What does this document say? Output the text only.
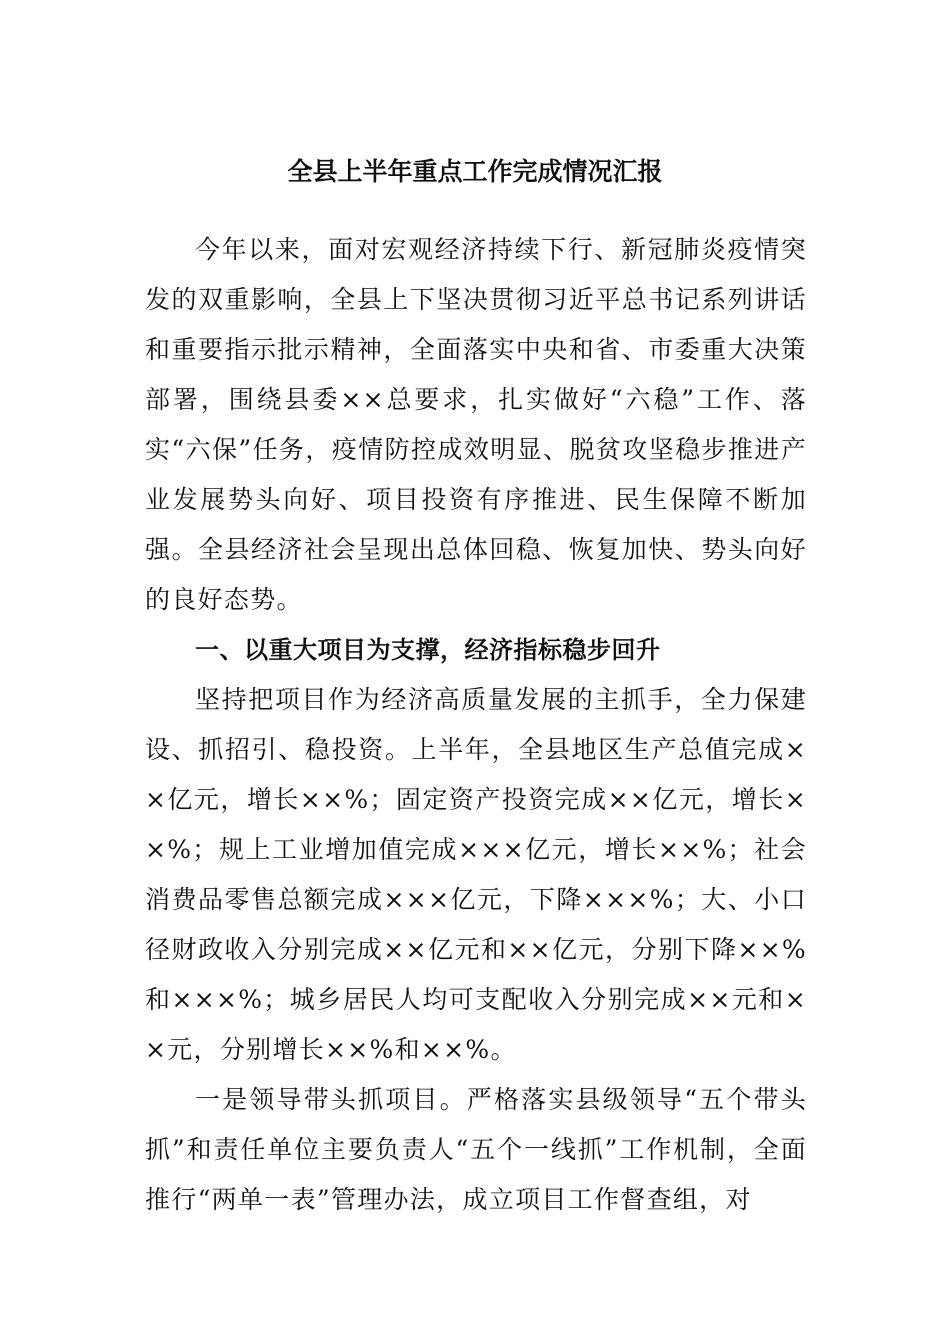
全县上半年重点工作完成情况汇报

今年以来，面对宏观经济持续下行、新冠肺炎疫情突发的双重影响，全县上下坚决贯彻习近平总书记系列讲话和重要指示批示精神，全面落实中央和省、市委重大决策部署，围绕县委××总要求，扎实做好“六稳”工作、落实“六保”任务，疫情防控成效明显、脱贫攻坚稳步推进产业发展势头向好、项目投资有序推进、民生保障不断加强。全县经济社会呈现出总体回稳、恢复加快、势头向好的良好态势。

一、以重大项目为支撑，经济指标稳步回升

坚持把项目作为经济高质量发展的主抓手，全力保建设、抓招引、稳投资。上半年，全县地区生产总值完成××亿元，增长××%；固定资产投资完成××亿元，增长××%；规上工业增加值完成×××亿元，增长××%；社会消费品零售总额完成×××亿元，下降×××%；大、小口径财政收入分别完成××亿元和××亿元，分别下降××%和×××%；城乡居民人均可支配收入分别完成××元和××元，分别增长××%和××%。

一是领导带头抓项目。严格落实县级领导“五个带头抓”和责任单位主要负责人“五个一线抓”工作机制，全面推行“两单一表”管理办法，成立项目工作督查组，对
